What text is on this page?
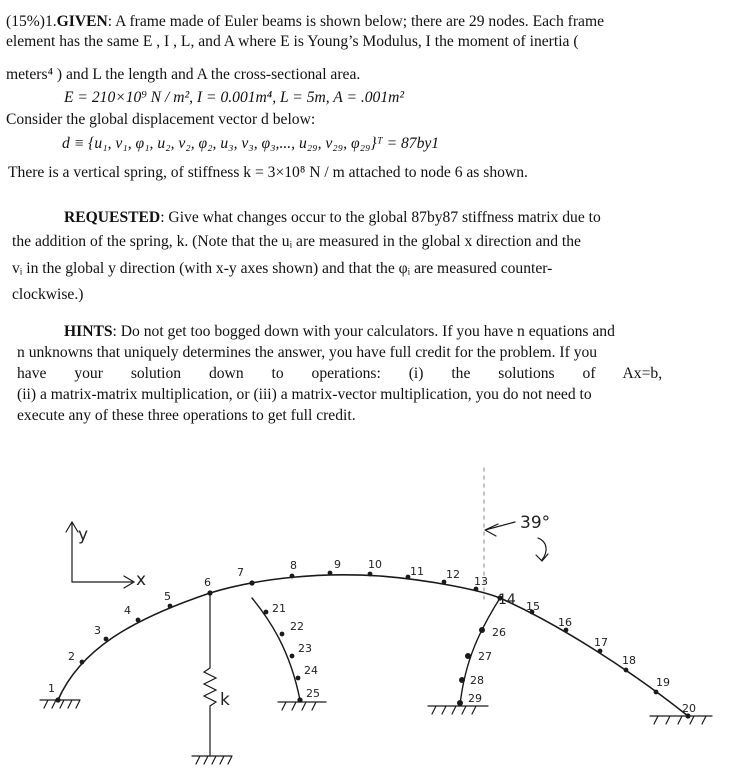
(15%)1.GIVEN: A frame made of Euler beams is shown below; there are 29 nodes. Each frame
element has the same E , I , L, and A where E is Young’s Modulus, I the moment of inertia (
meters⁴ ) and L the length and A the cross-sectional area.
E = 210×10⁹ N / m², I = 0.001m⁴, L = 5m, A = .001m²
Consider the global displacement vector d below:
d ≡ {u₁, v₁, φ₁, u₂, v₂, φ₂, u₃, v₃, φ₃,..., u₂₉, v₂₉, φ₂₉}ᵀ = 87by1
There is a vertical spring, of stiffness k = 3×10⁸ N / m attached to node 6 as shown.
REQUESTED: Give what changes occur to the global 87by87 stiffness matrix due to
the addition of the spring, k. (Note that the uᵢ are measured in the global x direction and the
vᵢ in the global y direction (with x-y axes shown) and that the φᵢ are measured counter-
clockwise.)
HINTS: Do not get too bogged down with your calculators. If you have n equations and
n unknowns that uniquely determines the answer, you have full credit for the problem. If you
have your solution down to operations: (i) the solutions of Ax=b,
(ii) a matrix-matrix multiplication, or (iii) a matrix-vector multiplication, you do not need to
execute any of these three operations to get full credit.
y
x
39°
k
1
2
3
4
5
6
7
8	9 10
11 12
13
14 15
16
17
18
19
20
21
22
23
24
25
26
27
28
29
